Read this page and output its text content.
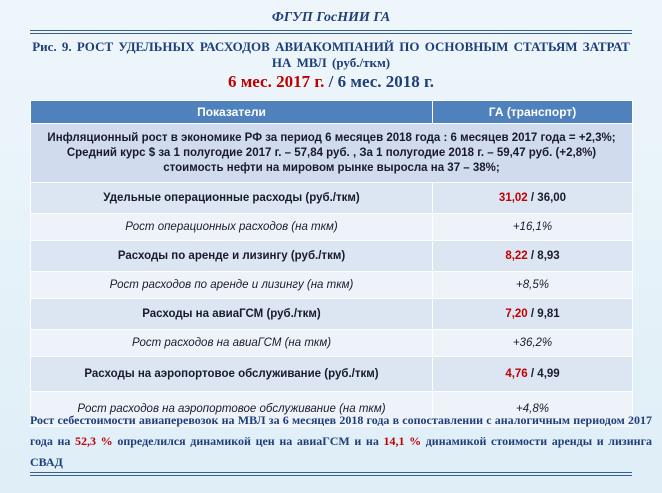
ФГУП ГосНИИ ГА
Рис. 9. РОСТ УДЕЛЬНЫХ РАСХОДОВ АВИАКОМПАНИЙ ПО ОСНОВНЫМ СТАТЬЯМ ЗАТРАТ
НА МВЛ (руб./ткм)
6 мес. 2017 г. / 6 мес. 2018 г.
Показатели	ГА (транспорт)

Инфляционный рост в экономике РФ за период 6 месяцев 2018 года : 6 месяцев 2017 года = +2,3%;
Средний курс $ за 1 полугодие 2017 г. – 57,84 руб. , За 1 полугодие 2018 г. – 59,47 руб. (+2,8%)
стоимость нефти на мировом рынке выросла на 37 – 38%;	

Удельные операционные расходы (руб./ткм)	31,02 / 36,00
Рост операционных расходов (на ткм)	+16,1%
Расходы по аренде и лизингу (руб./ткм)	8,22 / 8,93
Рост расходов по аренде и лизингу (на ткм)	+8,5%
Расходы на авиаГСМ (руб./ткм)	7,20 / 9,81
Рост расходов на авиаГСМ (на ткм)	+36,2%
Расходы на аэропортовое обслуживание (руб./ткм)	4,76 / 4,99
Рост расходов на аэропортовое обслуживание (на ткм)	+4,8%
Рост себестоимости авиаперевозок на МВЛ за 6 месяцев 2018 года в сопоставлении с аналогичным периодом 2017 года на 52,3 % определился динамикой цен на авиаГСМ и на 14,1 % динамикой стоимости аренды и лизинга СВАД
